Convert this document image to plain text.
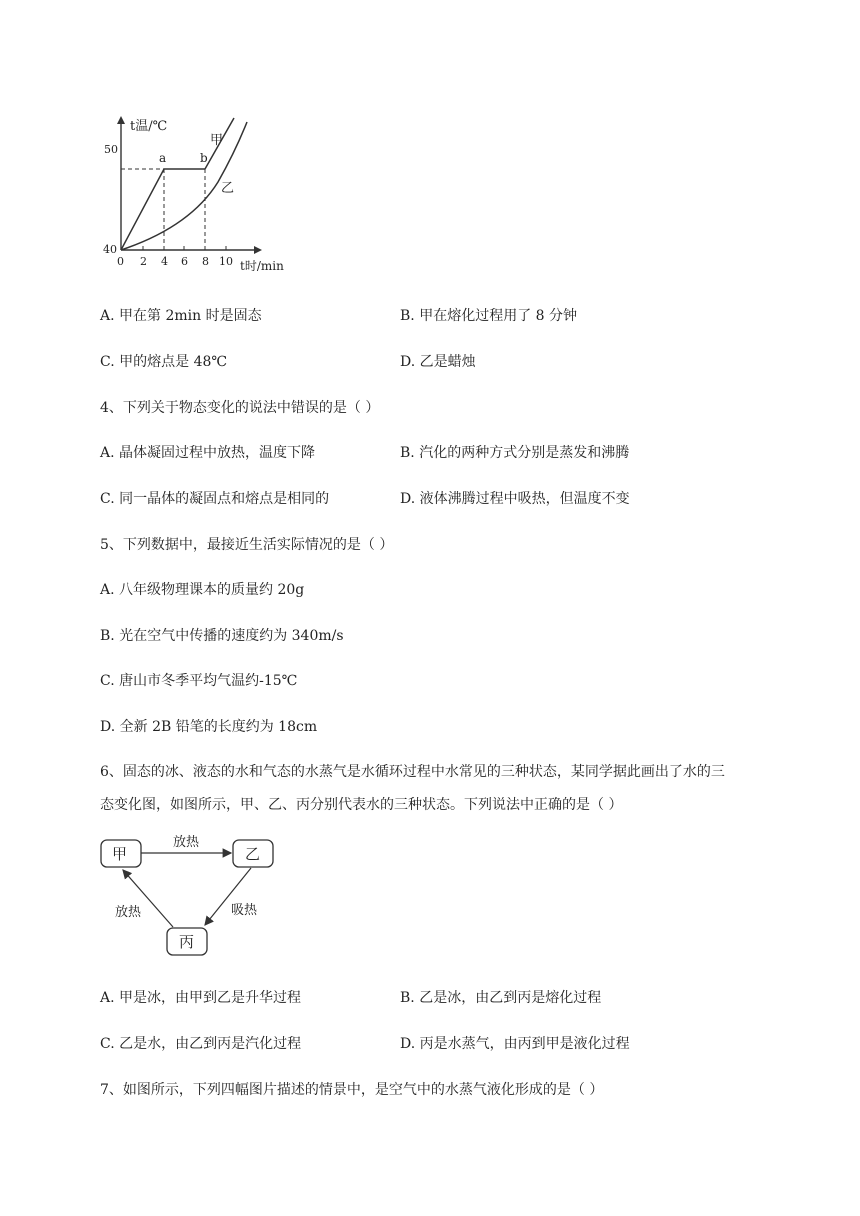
t温/℃
50
40
0 2 4 6 8 10 t时/min
a	b
甲
乙
A. 甲在第 2min 时是固态	B. 甲在熔化过程用了 8 分钟
C. 甲的熔点是 48℃	D. 乙是蜡烛
4、下列关于物态变化的说法中错误的是（ ）
A. 晶体凝固过程中放热，温度下降	B. 汽化的两种方式分别是蒸发和沸腾
C. 同一晶体的凝固点和熔点是相同的	D. 液体沸腾过程中吸热，但温度不变
5、下列数据中，最接近生活实际情况的是（ ）
A. 八年级物理课本的质量约 20g
B. 光在空气中传播的速度约为 340m/s
C. 唐山市冬季平均气温约-15℃
D. 全新 2B 铅笔的长度约为 18cm
6、固态的冰、液态的水和气态的水蒸气是水循环过程中水常见的三种状态，某同学据此画出了水的三
态变化图，如图所示，甲、乙、丙分别代表水的三种状态。下列说法中正确的是（ ）
甲	乙
丙
放热
吸热
放热
A. 甲是冰，由甲到乙是升华过程	B. 乙是冰，由乙到丙是熔化过程
C. 乙是水，由乙到丙是汽化过程	D. 丙是水蒸气，由丙到甲是液化过程
7、如图所示，下列四幅图片描述的情景中，是空气中的水蒸气液化形成的是（ ）
